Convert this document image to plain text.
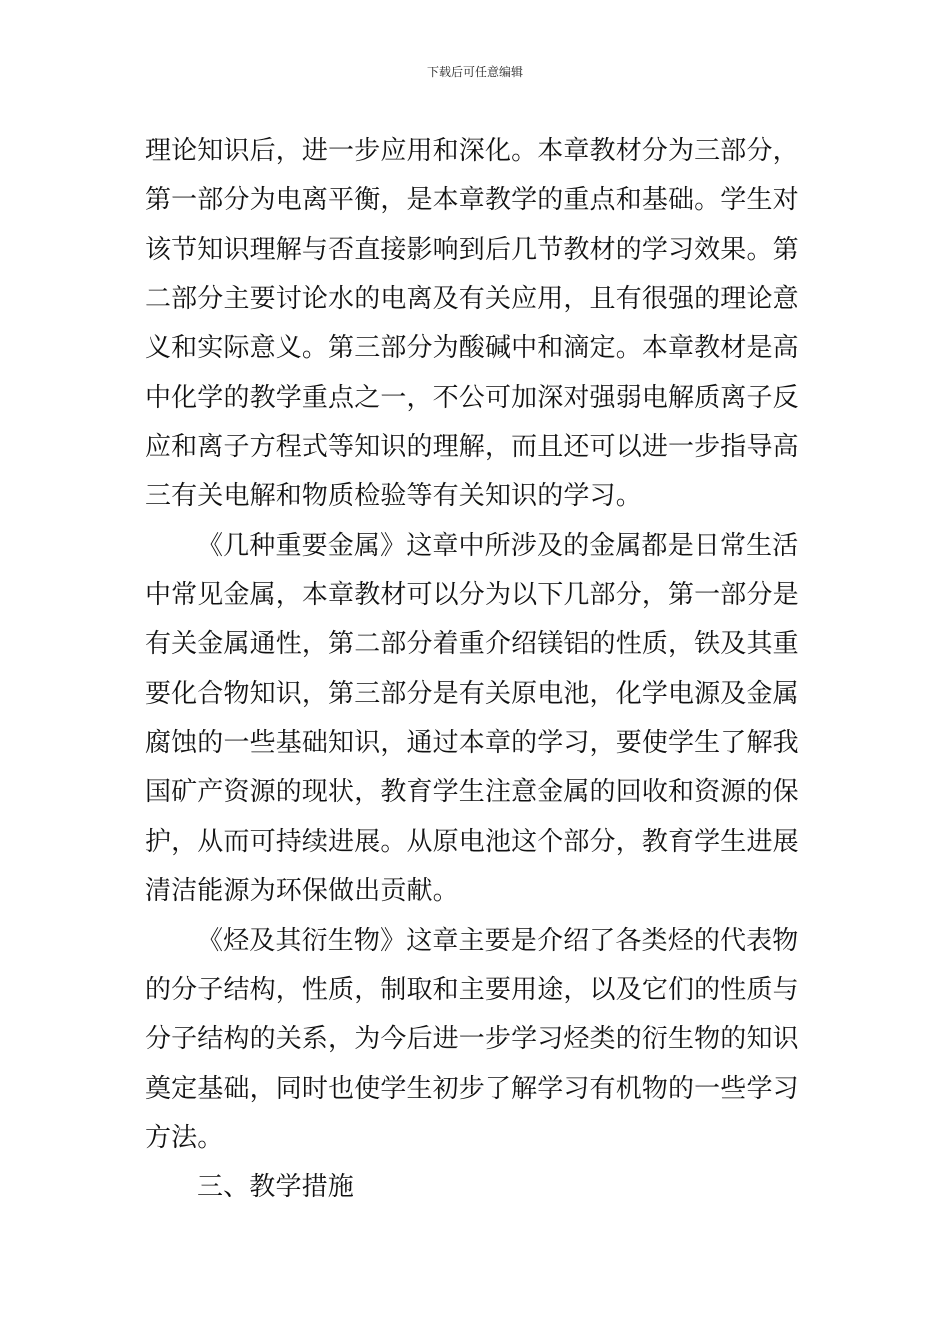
下载后可任意编辑
理论知识后，进一步应用和深化。本章教材分为三部分，
第一部分为电离平衡，是本章教学的重点和基础。学生对
该节知识理解与否直接影响到后几节教材的学习效果。第
二部分主要讨论水的电离及有关应用，且有很强的理论意
义和实际意义。第三部分为酸碱中和滴定。本章教材是高
中化学的教学重点之一，不公可加深对强弱电解质离子反
应和离子方程式等知识的理解，而且还可以进一步指导高
三有关电解和物质检验等有关知识的学习。
《几种重要金属》这章中所涉及的金属都是日常生活
中常见金属，本章教材可以分为以下几部分，第一部分是
有关金属通性，第二部分着重介绍镁铝的性质，铁及其重
要化合物知识，第三部分是有关原电池，化学电源及金属
腐蚀的一些基础知识，通过本章的学习，要使学生了解我
国矿产资源的现状，教育学生注意金属的回收和资源的保
护，从而可持续进展。从原电池这个部分，教育学生进展
清洁能源为环保做出贡献。
《烃及其衍生物》这章主要是介绍了各类烃的代表物
的分子结构，性质，制取和主要用途，以及它们的性质与
分子结构的关系，为今后进一步学习烃类的衍生物的知识
奠定基础，同时也使学生初步了解学习有机物的一些学习
方法。
三、教学措施
